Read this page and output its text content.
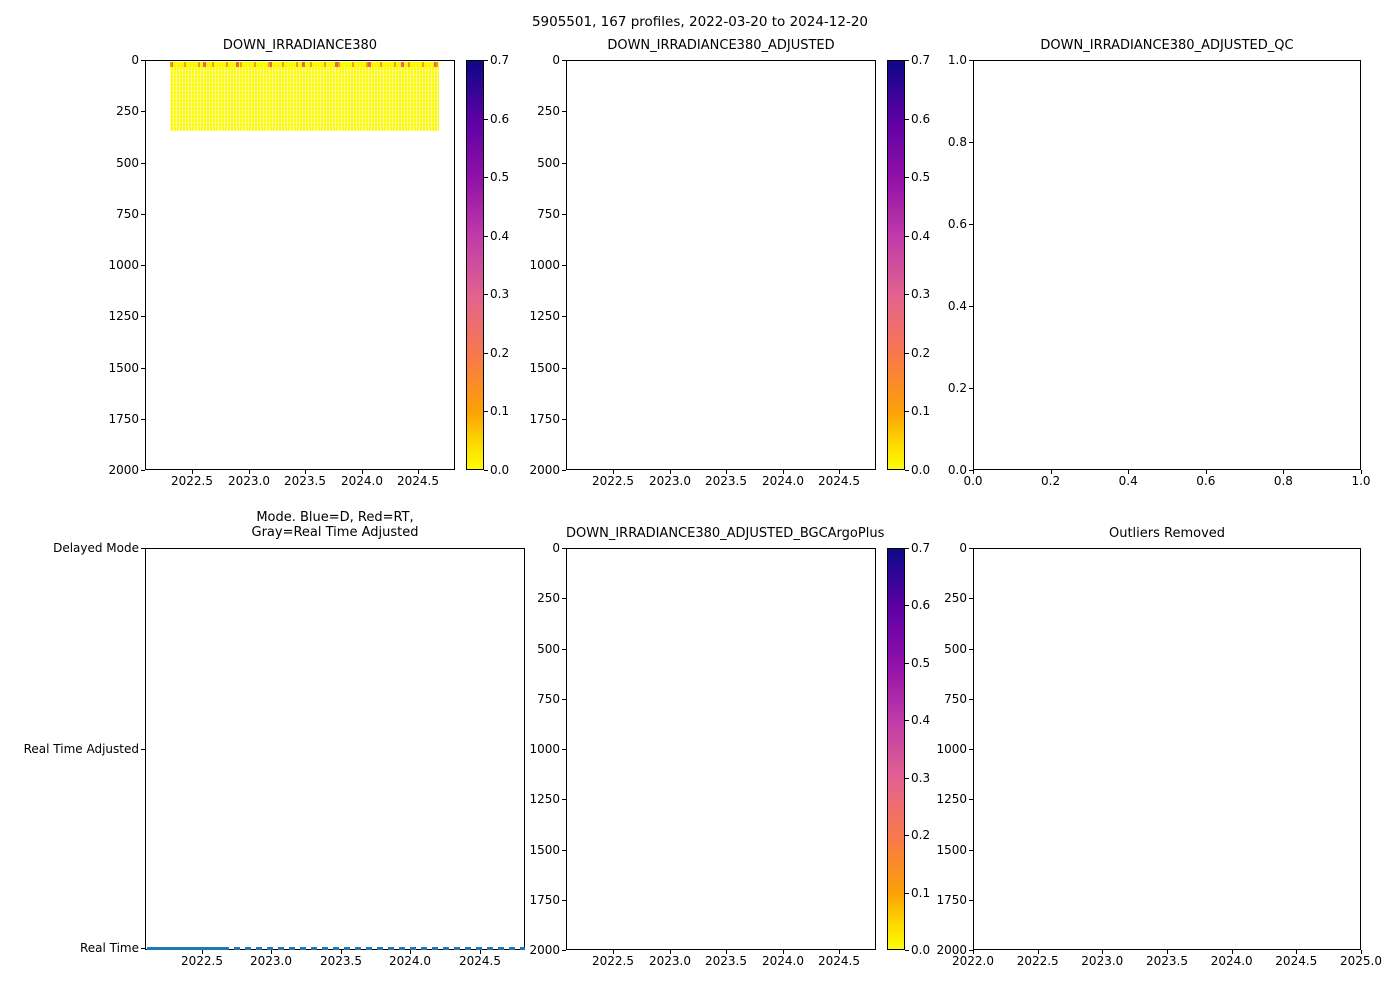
5905501, 167 profiles, 2022-03-20 to 2024-12-20
DOWN_IRRADIANCE380
0
250
500
750
1000
1250
1500
1750
2000
2022.5 2023.0 2023.5 2024.0 2024.5
0.0
0.1
0.2
0.3
0.4
0.5
0.6
0.7
DOWN_IRRADIANCE380_ADJUSTED
0
250
500
750
1000
1250
1500
1750
2000
2022.5 2023.0 2023.5 2024.0 2024.5
0.0
0.1
0.2
0.3
0.4
0.5
0.6
0.7
DOWN_IRRADIANCE380_ADJUSTED_QC
0.0
0.2
0.4
0.6
0.8
1.0
0.0	0.2	0.4	0.6	0.8	1.0
Mode. Blue=D, Red=RT,
Gray=Real Time Adjusted
Delayed Mode
Real Time Adjusted
Real Time
2022.5 2023.0 2023.5 2024.0 2024.5
DOWN_IRRADIANCE380_ADJUSTED_BGCArgoPlus
0
250
500
750
1000
1250
1500
1750
2000
2022.5 2023.0 2023.5 2024.0 2024.5
0.0
0.1
0.2
0.3
0.4
0.5
0.6
0.7
Outliers Removed
0
250
500
750
1000
1250
1500
1750
2000
2022.0 2022.5 2023.0 2023.5 2024.0 2024.5 2025.0
